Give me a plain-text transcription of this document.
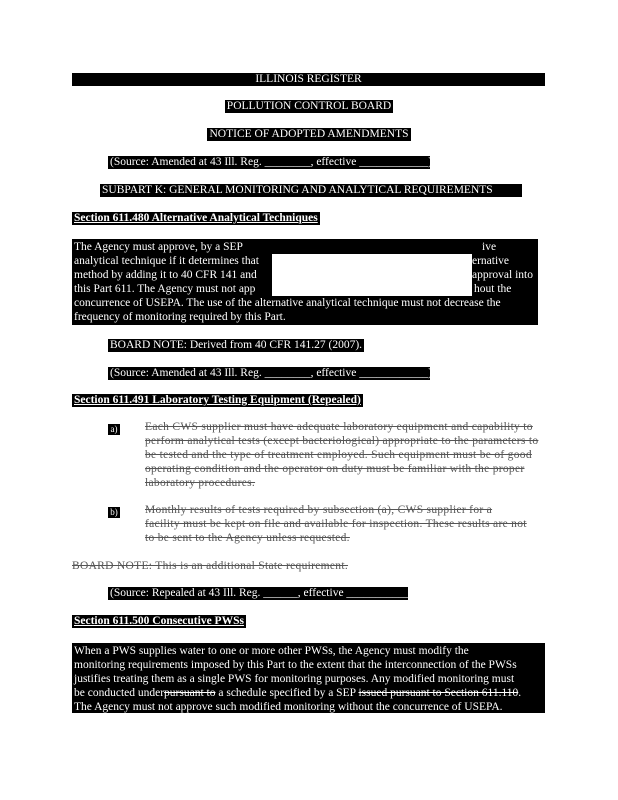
ILLINOIS REGISTER
POLLUTION CONTROL BOARD
NOTICE OF ADOPTED AMENDMENTS
(Source: Amended at 43 Ill. Reg. ________, effective ____________)
SUBPART K: GENERAL MONITORING AND ANALYTICAL REQUIREMENTS
Section 611.480 Alternative Analytical Techniques
The Agency must approve, by a SEP
analytical technique if it determines that
method by adding it to 40 CFR 141 and
this Part 611. The Agency must not app
concurrence of USEPA. The use of the alternative analytical technique must not decrease the
frequency of monitoring required by this Part.
ive
ernative
approval into
hout the
BOARD NOTE: Derived from 40 CFR 141.27 (2007).
(Source: Amended at 43 Ill. Reg. ________, effective ____________)
Section 611.491 Laboratory Testing Equipment (Repealed)
a) Each CWS supplier must have adequate laboratory equipment and capability to
perform analytical tests (except bacteriological) appropriate to the parameters to
be tested and the type of treatment employed. Such equipment must be of good
operating condition and the operator on duty must be familiar with the proper
laboratory procedures.
b) Monthly results of tests required by subsection (a), CWS supplier for a
facility must be kept on file and available for inspection. These results are not
to be sent to the Agency unless requested.
BOARD NOTE: This is an additional State requirement.
(Source: Repealed at 43 Ill. Reg. ______, effective ____________)
Section 611.500 Consecutive PWSs
When a PWS supplies water to one or more other PWSs, the Agency must modify the
monitoring requirements imposed by this Part to the extent that the interconnection of the PWSs
justifies treating them as a single PWS for monitoring purposes. Any modified monitoring must
be conducted underpursuant to a schedule specified by a SEP issued pursuant to Section 611.110.
The Agency must not approve such modified monitoring without the concurrence of USEPA.
